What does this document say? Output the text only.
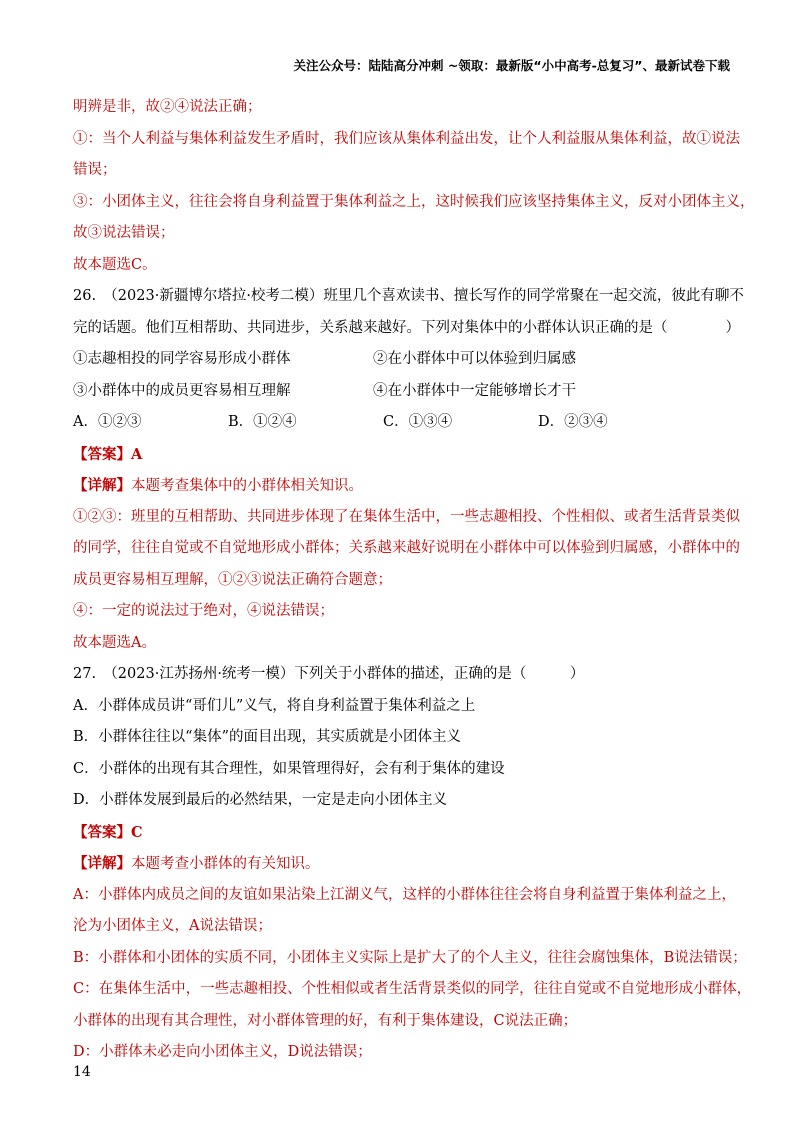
关注公众号：陆陆高分冲刺 ~领取：最新版“小中高考-总复习”、最新试卷下载
明辨是非，故②④说法正确；
①：当个人利益与集体利益发生矛盾时，我们应该从集体利益出发，让个人利益服从集体利益，故①说法
错误；
③：小团体主义，往往会将自身利益置于集体利益之上，这时候我们应该坚持集体主义，反对小团体主义，
故③说法错误；
故本题选C。
26.　（2023·新疆博尔塔拉·校考二模）班里几个喜欢读书、擅长写作的同学常聚在一起交流，彼此有聊不
完的话题。他们互相帮助、共同进步，关系越来越好。下列对集体中的小群体认识正确的是（　　　　）
①志趣相投的同学容易形成小群体	②在小群体中可以体验到归属感
③小群体中的成员更容易相互理解	④在小群体中一定能够增长才干
A．①②③	B．①②④	C．①③④	D．②③④
【答案】A
【详解】本题考查集体中的小群体相关知识。
①②③：班里的互相帮助、共同进步体现了在集体生活中，一些志趣相投、个性相似、或者生活背景类似
的同学，往往自觉或不自觉地形成小群体；关系越来越好说明在小群体中可以体验到归属感，小群体中的
成员更容易相互理解，①②③说法正确符合题意；
④：一定的说法过于绝对，④说法错误；
故本题选A。
27.　（2023·江苏扬州·统考一模）下列关于小群体的描述，正确的是（　　　）
A．小群体成员讲“哥们儿”义气，将自身利益置于集体利益之上
B．小群体往往以“集体”的面目出现，其实质就是小团体主义
C．小群体的出现有其合理性，如果管理得好，会有利于集体的建设
D．小群体发展到最后的必然结果，一定是走向小团体主义
【答案】C
【详解】本题考查小群体的有关知识。
A：小群体内成员之间的友谊如果沾染上江湖义气，这样的小群体往往会将自身利益置于集体利益之上，
沦为小团体主义，A说法错误；
B：小群体和小团体的实质不同，小团体主义实际上是扩大了的个人主义，往往会腐蚀集体，B说法错误；
C：在集体生活中，一些志趣相投、个性相似或者生活背景类似的同学，往往自觉或不自觉地形成小群体，
小群体的出现有其合理性，对小群体管理的好，有利于集体建设，C说法正确；
D：小群体未必走向小团体主义，D说法错误；
14
